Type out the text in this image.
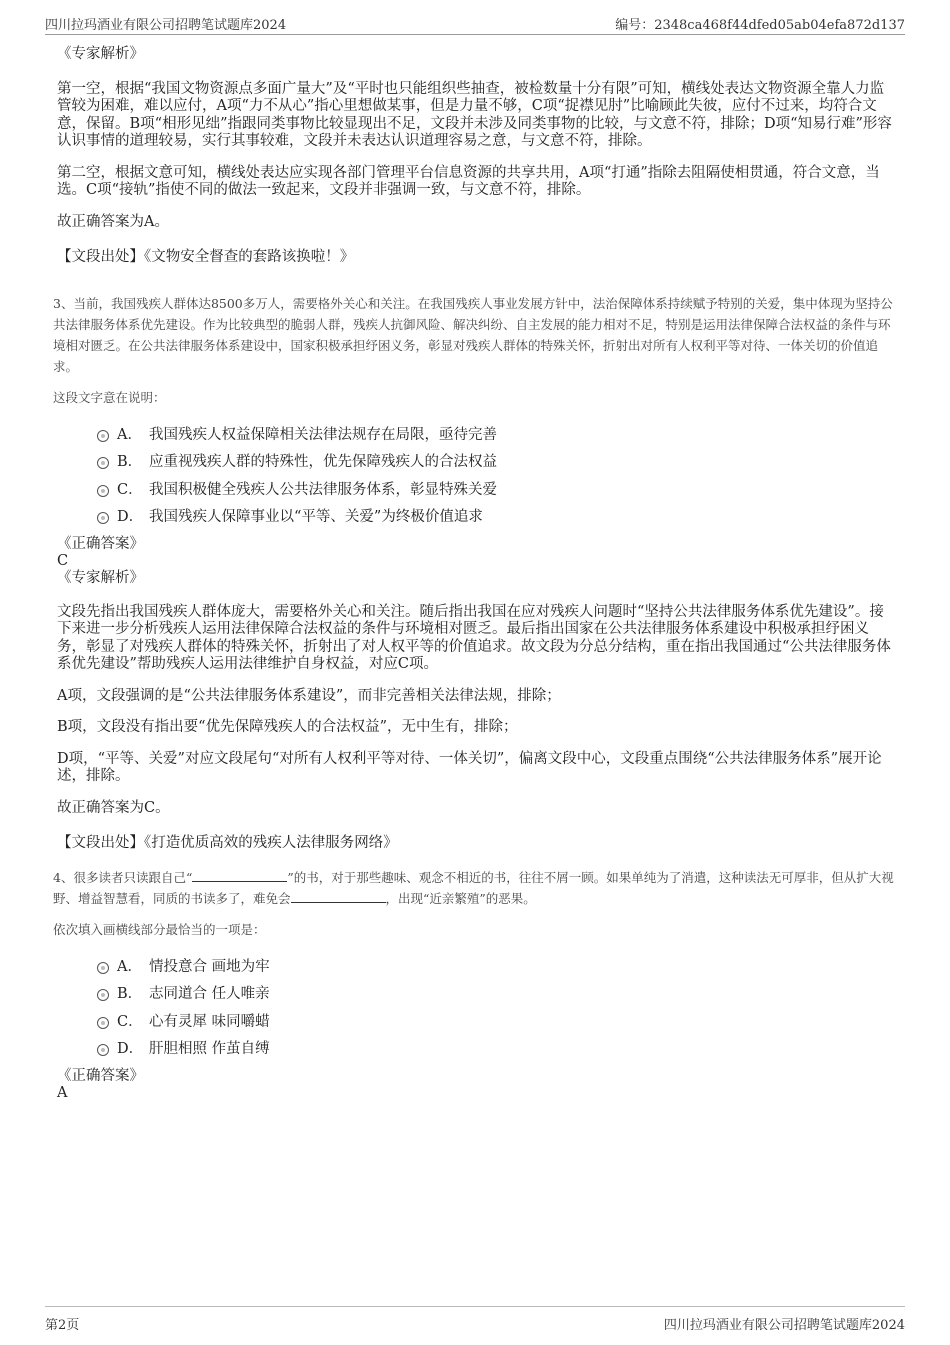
四川拉玛酒业有限公司招聘笔试题库2024	编号：2348ca468f44dfed05ab04efa872d137

《专家解析》

第一空，根据“我国文物资源点多面广量大”及“平时也只能组织些抽查，被检数量十分有限”可知，横线处表达文物资源全靠人力监管较为困难，难以应付，A项“力不从心”指心里想做某事，但是力量不够，C项“捉襟见肘”比喻顾此失彼，应付不过来，均符合文意，保留。B项“相形见绌”指跟同类事物比较显现出不足，文段并未涉及同类事物的比较，与文意不符，排除；D项“知易行难”形容认识事情的道理较易，实行其事较难，文段并未表达认识道理容易之意，与文意不符，排除。

第二空，根据文意可知，横线处表达应实现各部门管理平台信息资源的共享共用，A项“打通”指除去阻隔使相贯通，符合文意，当选。C项“接轨”指使不同的做法一致起来，文段并非强调一致，与文意不符，排除。

故正确答案为A。

【文段出处】《文物安全督查的套路该换啦！》

3、当前，我国残疾人群体达8500多万人，需要格外关心和关注。在我国残疾人事业发展方针中，法治保障体系持续赋予特别的关爱，集中体现为坚持公共法律服务体系优先建设。作为比较典型的脆弱人群，残疾人抗御风险、解决纠纷、自主发展的能力相对不足，特别是运用法律保障合法权益的条件与环境相对匮乏。在公共法律服务体系建设中，国家积极承担纾困义务，彰显对残疾人群体的特殊关怀，折射出对所有人权利平等对待、一体关切的价值追求。

这段文字意在说明：

A． 我国残疾人权益保障相关法律法规存在局限，亟待完善
B． 应重视残疾人群的特殊性，优先保障残疾人的合法权益
C． 我国积极健全残疾人公共法律服务体系，彰显特殊关爱
D． 我国残疾人保障事业以“平等、关爱”为终极价值追求

《正确答案》

C

《专家解析》

文段先指出我国残疾人群体庞大，需要格外关心和关注。随后指出我国在应对残疾人问题时“坚持公共法律服务体系优先建设”。接下来进一步分析残疾人运用法律保障合法权益的条件与环境相对匮乏。最后指出国家在公共法律服务体系建设中积极承担纾困义务，彰显了对残疾人群体的特殊关怀，折射出了对人权平等的价值追求。故文段为分总分结构，重在指出我国通过“公共法律服务体系优先建设”帮助残疾人运用法律维护自身权益，对应C项。

A项，文段强调的是“公共法律服务体系建设”，而非完善相关法律法规，排除；

B项，文段没有指出要“优先保障残疾人的合法权益”，无中生有，排除；

D项，“平等、关爱”对应文段尾句“对所有人权利平等对待、一体关切”，偏离文段中心，文段重点围绕“公共法律服务体系”展开论述，排除。

故正确答案为C。

【文段出处】《打造优质高效的残疾人法律服务网络》

4、很多读者只读跟自己“	”的书，对于那些趣味、观念不相近的书，往往不屑一顾。如果单纯为了消遣，这种读法无可厚非，但从扩大视野、增益智慧看，同质的书读多了，难免会	，出现“近亲繁殖”的恶果。

依次填入画横线部分最恰当的一项是：

A． 情投意合 画地为牢
B． 志同道合 任人唯亲
C． 心有灵犀 味同嚼蜡
D． 肝胆相照 作茧自缚

《正确答案》

A

第2页	四川拉玛酒业有限公司招聘笔试题库2024
